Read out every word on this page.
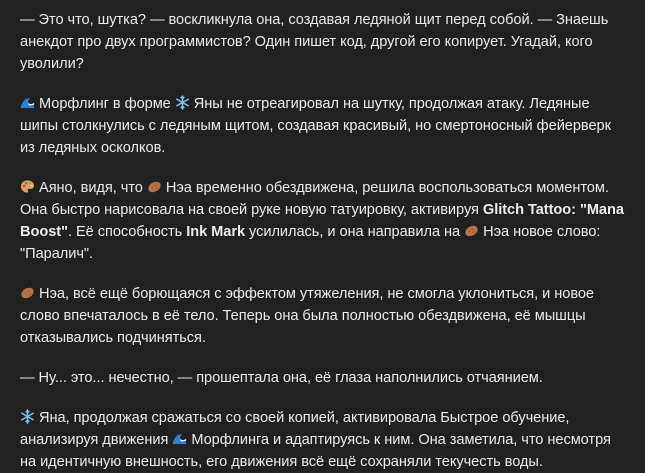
— Это что, шутка? — воскликнула она, создавая ледяной щит перед собой. — Знаешь анекдот про двух программистов? Один пишет код, другой его копирует. Угадай, кого уволили?

Морфлинг в форме
Яны не отреагировал на шутку, продолжая атаку. Ледяные шипы столкнулись с ледяным щитом, создавая красивый, но смертоносный фейерверк из ледяных осколков.

Аяно, видя, что
Нэа временно обездвижена, решила воспользоваться моментом. Она быстро нарисовала на своей руке новую татуировку, активируя Glitch Tattoo: "Mana Boost". Её способность Ink Mark усилилась, и она направила на
Нэа новое слово: "Паралич".

Нэа, всё ещё борющаяся с эффектом утяжеления, не смогла уклониться, и новое слово впечаталось в её тело. Теперь она была полностью обездвижена, её мышцы отказывались подчиняться.

— Ну... это... нечестно, — прошептала она, её глаза наполнились отчаянием.

Яна, продолжая сражаться со своей копией, активировала Быстрое обучение, анализируя движения
Морфлинга и адаптируясь к ним. Она заметила, что несмотря на идентичную внешность, его движения всё ещё сохраняли текучесть воды.
